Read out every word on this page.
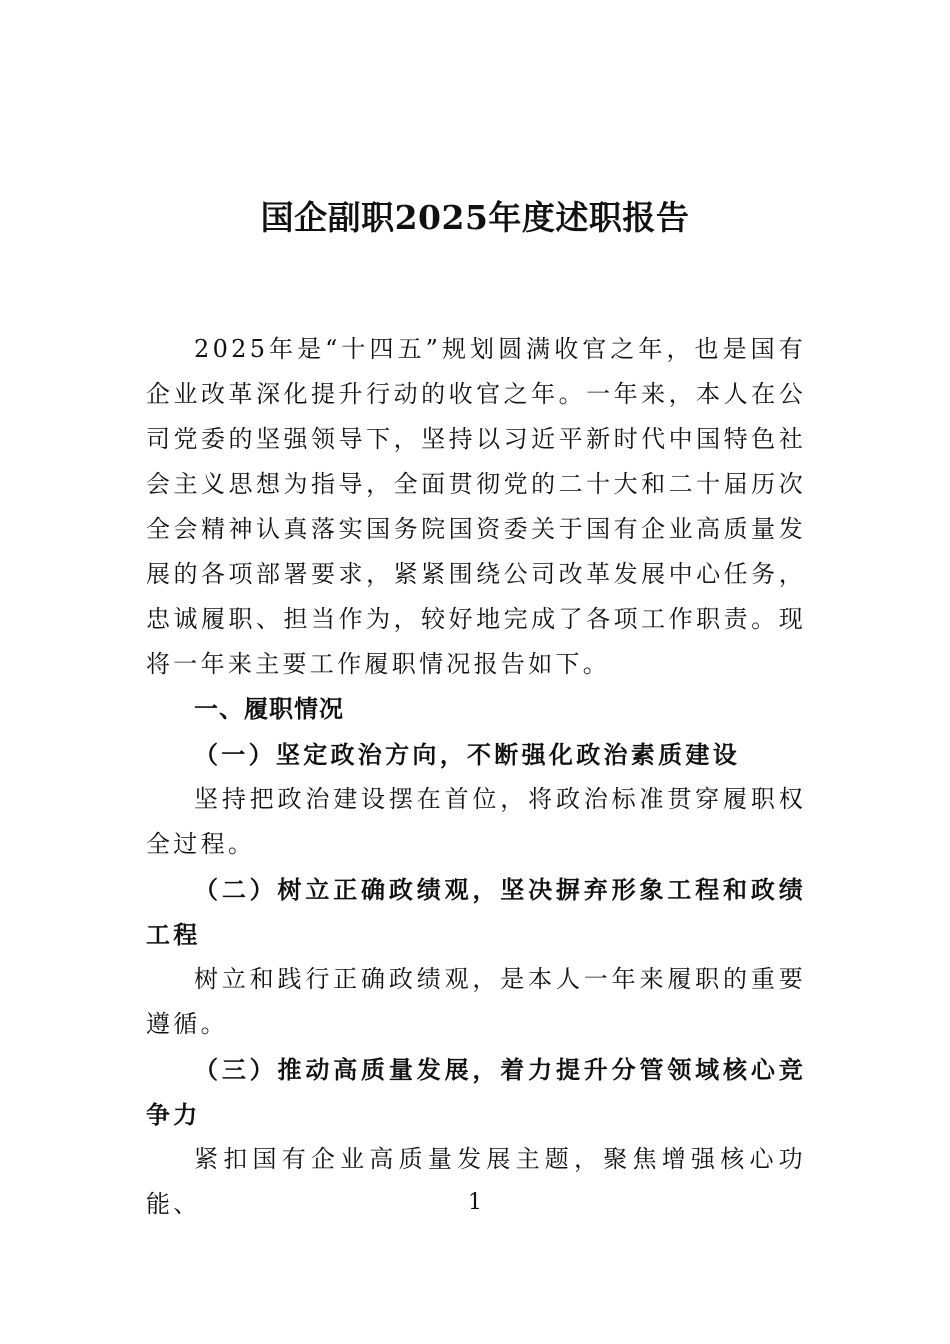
国企副职2025年度述职报告

2025年是“十四五”规划圆满收官之年，也是国有企业改革深化提升行动的收官之年。一年来，本人在公司党委的坚强领导下，坚持以习近平新时代中国特色社会主义思想为指导，全面贯彻党的二十大和二十届历次全会精神认真落实国务院国资委关于国有企业高质量发展的各项部署要求，紧紧围绕公司改革发展中心任务，忠诚履职、担当作为，较好地完成了各项工作职责。现将一年来主要工作履职情况报告如下。

一、履职情况

（一）坚定政治方向，不断强化政治素质建设

坚持把政治建设摆在首位，将政治标准贯穿履职权全过程。

（二）树立正确政绩观，坚决摒弃形象工程和政绩工程

树立和践行正确政绩观，是本人一年来履职的重要遵循。

（三）推动高质量发展，着力提升分管领域核心竞争力

紧扣国有企业高质量发展主题，聚焦增强核心功能、	1
